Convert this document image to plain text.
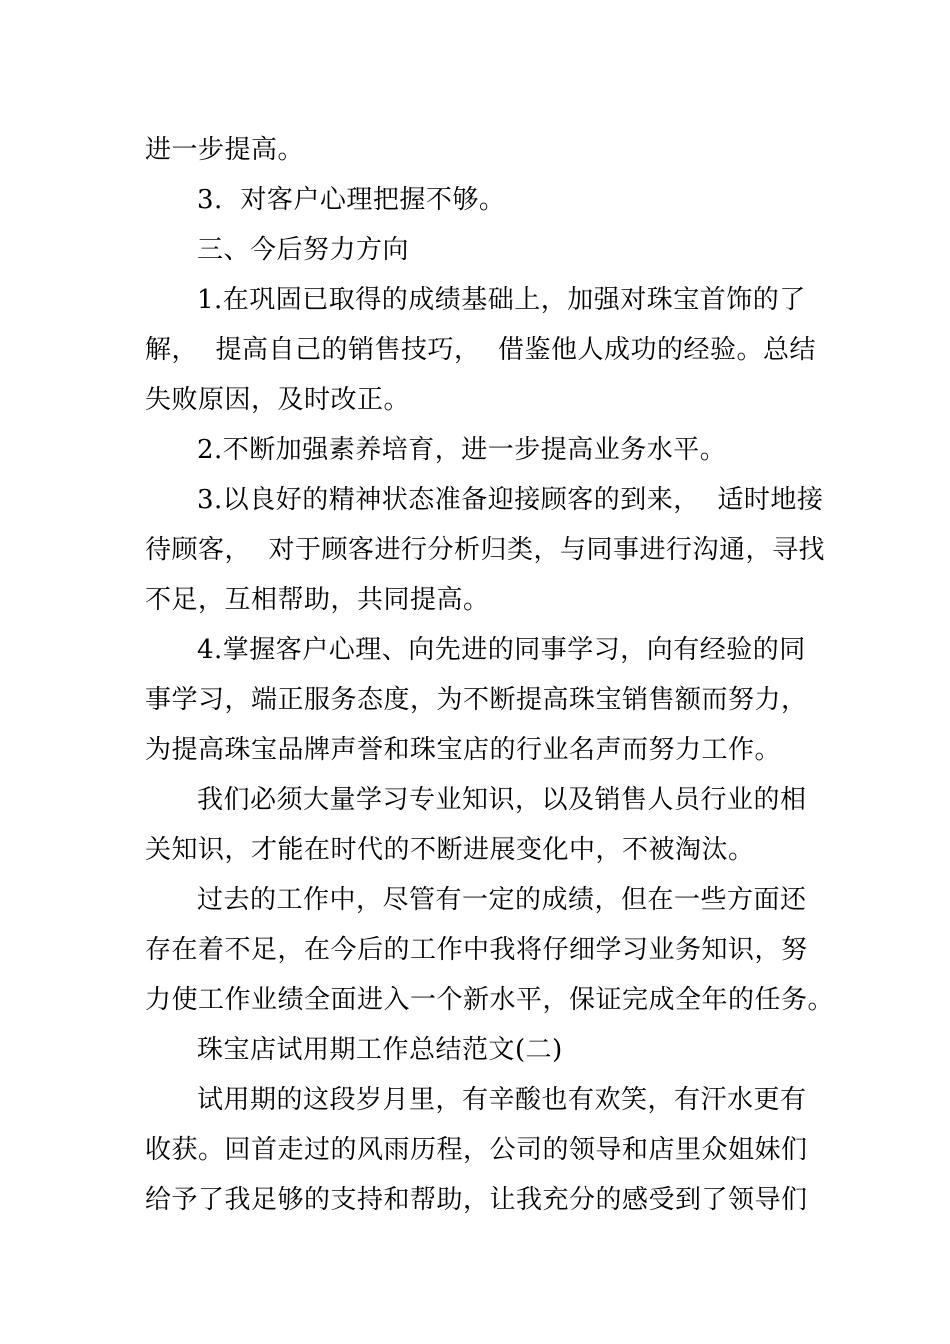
进一步提高。
3.  对客户心理把握不够。
三、今后努力方向
1.在巩固已取得的成绩基础上，加强对珠宝首饰的了
解，  提高自己的销售技巧，  借鉴他人成功的经验。总结
失败原因，及时改正。
2.不断加强素养培育，进一步提高业务水平。
3.以良好的精神状态准备迎接顾客的到来，  适时地接
待顾客，  对于顾客进行分析归类，与同事进行沟通，寻找
不足，互相帮助，共同提高。
4.掌握客户心理、向先进的同事学习，向有经验的同
事学习，端正服务态度，为不断提高珠宝销售额而努力，
为提高珠宝品牌声誉和珠宝店的行业名声而努力工作。
我们必须大量学习专业知识，以及销售人员行业的相
关知识，才能在时代的不断进展变化中，不被淘汰。
过去的工作中，尽管有一定的成绩，但在一些方面还
存在着不足，在今后的工作中我将仔细学习业务知识，努
力使工作业绩全面进入一个新水平，保证完成全年的任务。
珠宝店试用期工作总结范文(二)
试用期的这段岁月里，有辛酸也有欢笑，有汗水更有
收获。回首走过的风雨历程，公司的领导和店里众姐妹们
给予了我足够的支持和帮助，让我充分的感受到了领导们
